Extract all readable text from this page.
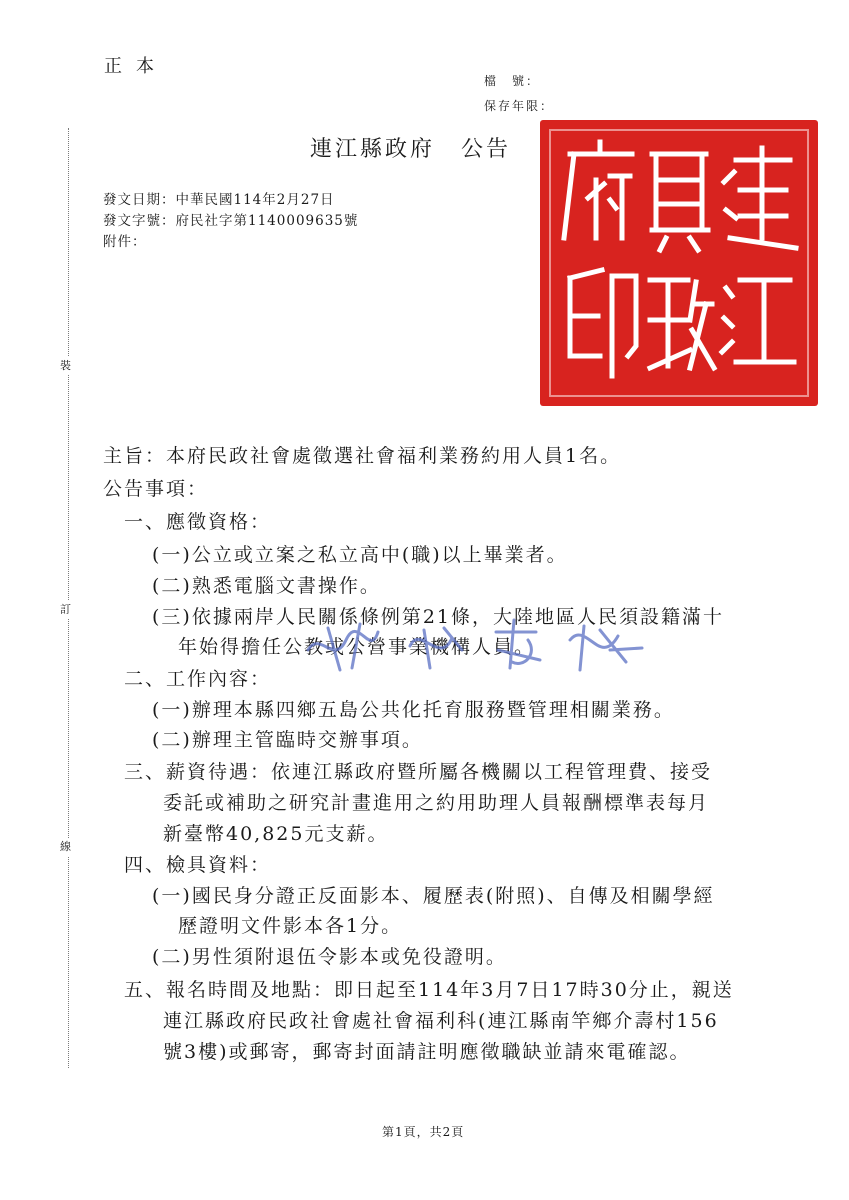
正本
檔　號：
保存年限：
連江縣政府 公告
發文日期：中華民國114年2月27日
發文字號：府民社字第1140009635號
附件：
裝
訂
線
主旨：本府民政社會處徵選社會福利業務約用人員1名。
公告事項：
一、應徵資格：
(一)公立或立案之私立高中(職)以上畢業者。
(二)熟悉電腦文書操作。
(三)依據兩岸人民關係條例第21條，大陸地區人民須設籍滿十
年始得擔任公教或公營事業機構人員。
二、工作內容：
(一)辦理本縣四鄉五島公共化托育服務暨管理相關業務。
(二)辦理主管臨時交辦事項。
三、薪資待遇：依連江縣政府暨所屬各機關以工程管理費、接受
委託或補助之研究計畫進用之約用助理人員報酬標準表每月
新臺幣40,825元支薪。
四、檢具資料：
(一)國民身分證正反面影本、履歷表(附照)、自傳及相關學經
歷證明文件影本各1分。
(二)男性須附退伍令影本或免役證明。
五、報名時間及地點：即日起至114年3月7日17時30分止，親送
連江縣政府民政社會處社會福利科(連江縣南竿鄉介壽村156
號3樓)或郵寄，郵寄封面請註明應徵職缺並請來電確認。
第1頁，共2頁
